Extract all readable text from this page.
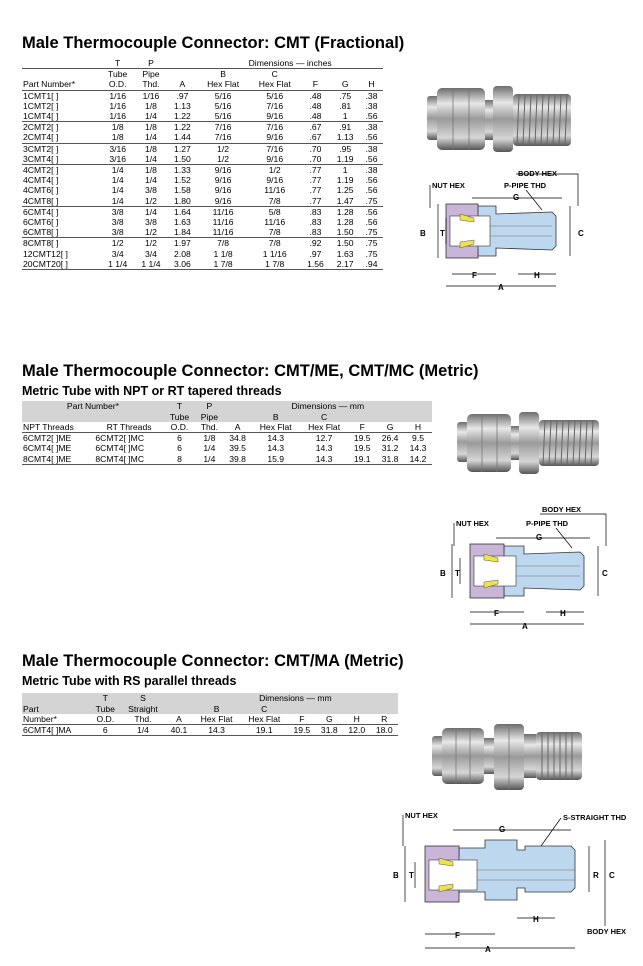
Male Thermocouple Connector: CMT (Fractional)
	T	P		Dimensions — inches				
	Tube	Pipe		B	C			
Part Number*	O.D.	Thd.	A	Hex Flat	Hex Flat	F	G	H
1CMT1[ ]	1/16	1/16	.97	5/16	5/16	.48	.75	.38
1CMT2[ ]	1/16	1/8	1.13	5/16	7/16	.48	.81	.38
1CMT4[ ]	1/16	1/4	1.22	5/16	9/16	.48	1	.56
2CMT2[ ]	1/8	1/8	1.22	7/16	7/16	.67	.91	.38
2CMT4[ ]	1/8	1/4	1.44	7/16	9/16	.67	1.13	.56
3CMT2[ ]	3/16	1/8	1.27	1/2	7/16	.70	.95	.38
3CMT4[ ]	3/16	1/4	1.50	1/2	9/16	.70	1.19	.56
4CMT2[ ]	1/4	1/8	1.33	9/16	1/2	.77	1	.38
4CMT4[ ]	1/4	1/4	1.52	9/16	9/16	.77	1.19	.56
4CMT6[ ]	1/4	3/8	1.58	9/16	11/16	.77	1.25	.56
4CMT8[ ]	1/4	1/2	1.80	9/16	7/8	.77	1.47	.75
6CMT4[ ]	3/8	1/4	1.64	11/16	5/8	.83	1.28	.56
6CMT6[ ]	3/8	3/8	1.63	11/16	11/16	.83	1.28	.56
6CMT8[ ]	3/8	1/2	1.84	11/16	7/8	.83	1.50	.75
8CMT8[ ]	1/2	1/2	1.97	7/8	7/8	.92	1.50	.75
12CMT12[ ]	3/4	3/4	2.08	1 1/8	1 1/16	.97	1.63	.75
20CMT20[ ]	1 1/4	1 1/4	3.06	1 7/8	1 7/8	1.56	2.17	.94
NUT HEX
BODY HEX
P-PIPE THD
G
B T	C
F	H
A
Male Thermocouple Connector: CMT/ME, CMT/MC (Metric)
Metric Tube with NPT or RT tapered threads
Part Number*		T	P	Dimensions — mm					
		Tube	Pipe		B	C			
NPT Threads	RT Threads	O.D.	Thd.	A	Hex Flat	Hex Flat	F	G	H
6CMT2[ ]ME	6CMT2[ ]MC	6	1/8	34.8	14.3	12.7	19.5	26.4	9.5
6CMT4[ ]ME	6CMT4[ ]MC	6	1/4	39.5	14.3	14.3	19.5	31.2	14.3
8CMT4[ ]ME	8CMT4[ ]MC	8	1/4	39.8	15.9	14.3	19.1	31.8	14.2
BODY HEX
NUT HEX	P-PIPE THD
G
B T	C
F	H
A
Male Thermocouple Connector: CMT/MA (Metric)
Metric Tube with RS parallel threads
	T	S		Dimensions — mm					
Part	Tube	Straight		B	C				
Number*	O.D.	Thd.	A	Hex Flat	Hex Flat	F	G	H	R
6CMT4[ ]MA	6	1/4	40.1	14.3	19.1	19.5	31.8	12.0	18.0
NUT HEX	S-STRAIGHT THD
G
B T	R C
BODY HEX
H
F
A
